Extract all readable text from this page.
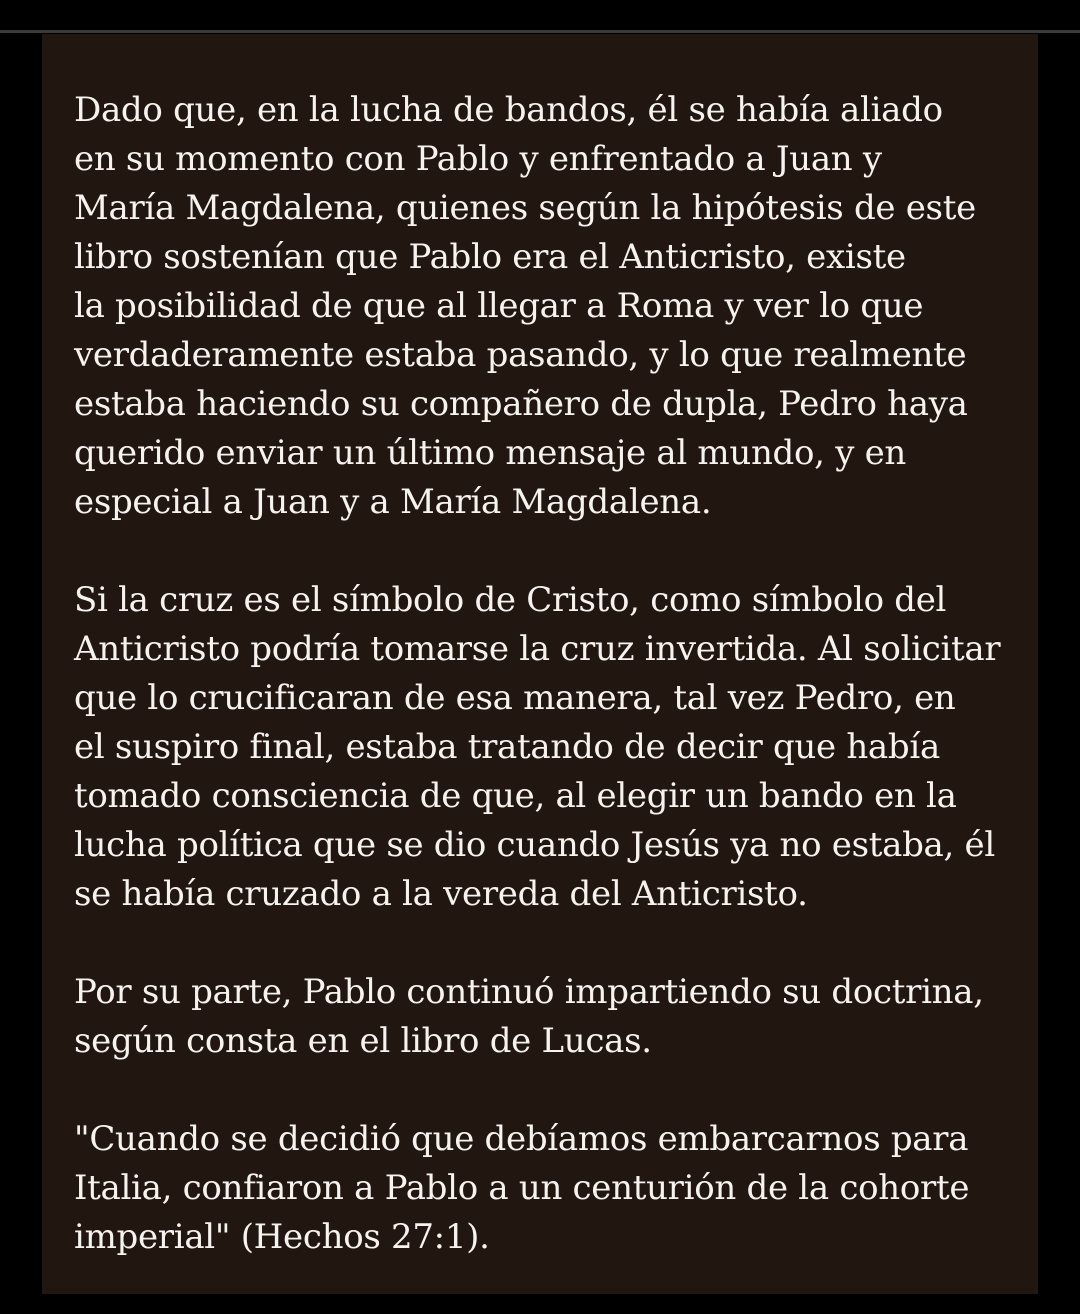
Dado que, en la lucha de bandos, él se había aliado
en su momento con Pablo y enfrentado a Juan y
María Magdalena, quienes según la hipótesis de este
libro sostenían que Pablo era el Anticristo, existe
la posibilidad de que al llegar a Roma y ver lo que
verdaderamente estaba pasando, y lo que realmente
estaba haciendo su compañero de dupla, Pedro haya
querido enviar un último mensaje al mundo, y en
especial a Juan y a María Magdalena.

Si la cruz es el símbolo de Cristo, como símbolo del
Anticristo podría tomarse la cruz invertida. Al solicitar
que lo crucificaran de esa manera, tal vez Pedro, en
el suspiro final, estaba tratando de decir que había
tomado consciencia de que, al elegir un bando en la
lucha política que se dio cuando Jesús ya no estaba, él
se había cruzado a la vereda del Anticristo.

Por su parte, Pablo continuó impartiendo su doctrina,
según consta en el libro de Lucas.

"Cuando se decidió que debíamos embarcarnos para
Italia, confiaron a Pablo a un centurión de la cohorte
imperial" (Hechos 27:1).
